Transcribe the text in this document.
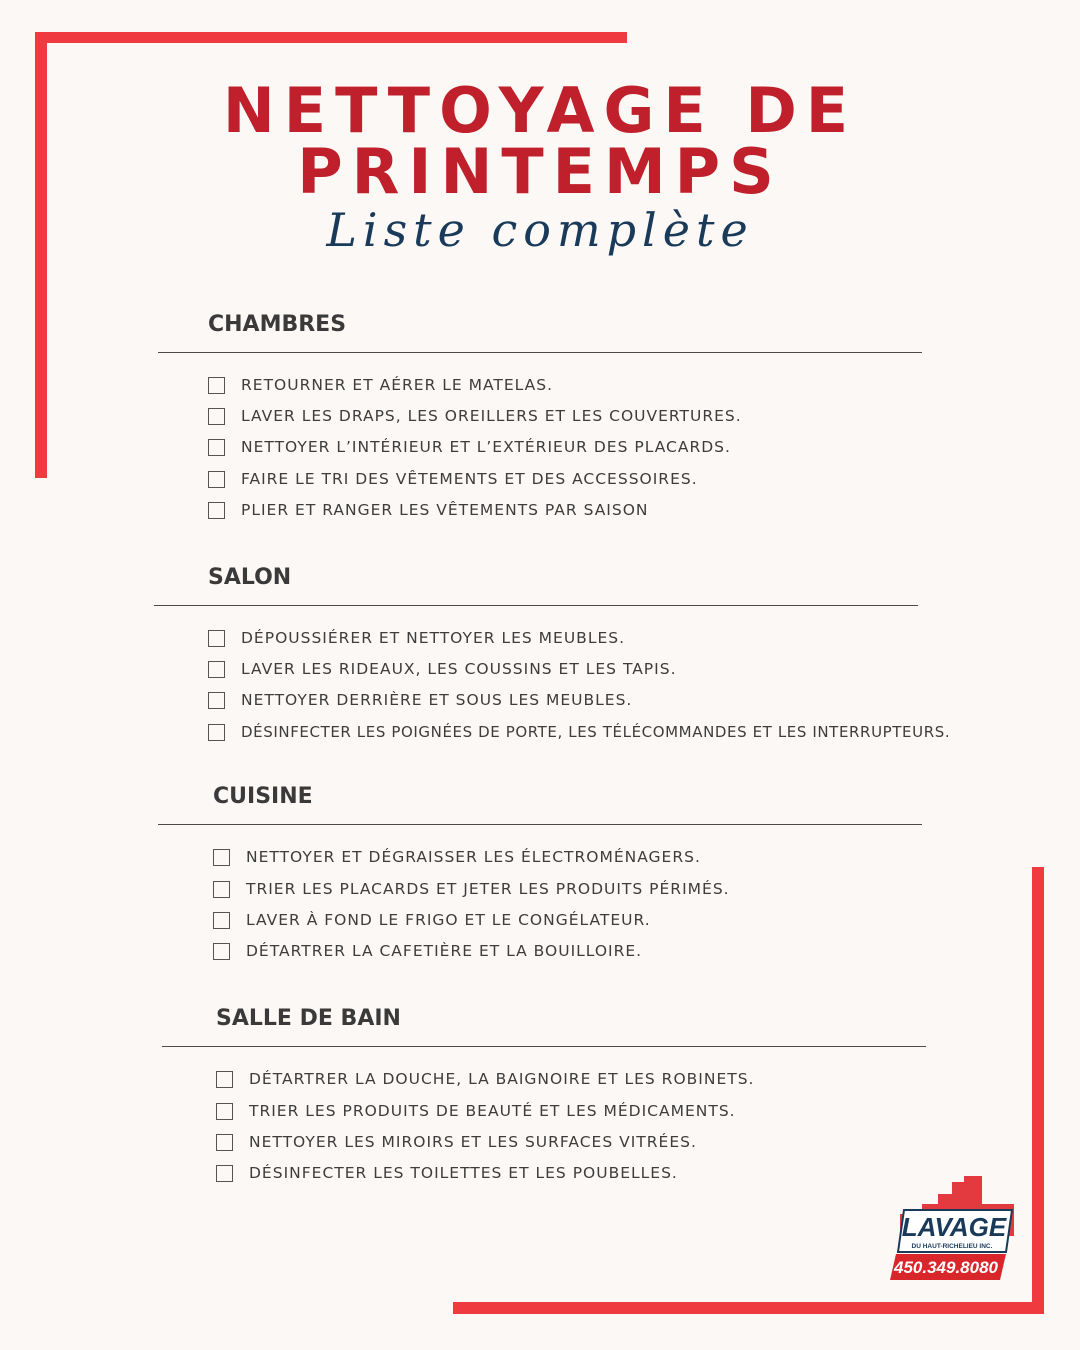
NETTOYAGE DE
PRINTEMPS
Liste complète
CHAMBRES
RETOURNER ET AÉRER LE MATELAS.
LAVER LES DRAPS, LES OREILLERS ET LES COUVERTURES.
NETTOYER L’INTÉRIEUR ET L’EXTÉRIEUR DES PLACARDS.
FAIRE LE TRI DES VÊTEMENTS ET DES ACCESSOIRES.
PLIER ET RANGER LES VÊTEMENTS PAR SAISON
SALON
DÉPOUSSIÉRER ET NETTOYER LES MEUBLES.
LAVER LES RIDEAUX, LES COUSSINS ET LES TAPIS.
NETTOYER DERRIÈRE ET SOUS LES MEUBLES.
DÉSINFECTER LES POIGNÉES DE PORTE, LES TÉLÉCOMMANDES ET LES INTERRUPTEURS.
CUISINE
NETTOYER ET DÉGRAISSER LES ÉLECTROMÉNAGERS.
TRIER LES PLACARDS ET JETER LES PRODUITS PÉRIMÉS.
LAVER À FOND LE FRIGO ET LE CONGÉLATEUR.
DÉTARTRER LA CAFETIÈRE ET LA BOUILLOIRE.
SALLE DE BAIN
DÉTARTRER LA DOUCHE, LA BAIGNOIRE ET LES ROBINETS.
TRIER LES PRODUITS DE BEAUTÉ ET LES MÉDICAMENTS.
NETTOYER LES MIROIRS ET LES SURFACES VITRÉES.
DÉSINFECTER LES TOILETTES ET LES POUBELLES.
LAVAGE
DU HAUT-RICHELIEU INC.
450.349.8080
